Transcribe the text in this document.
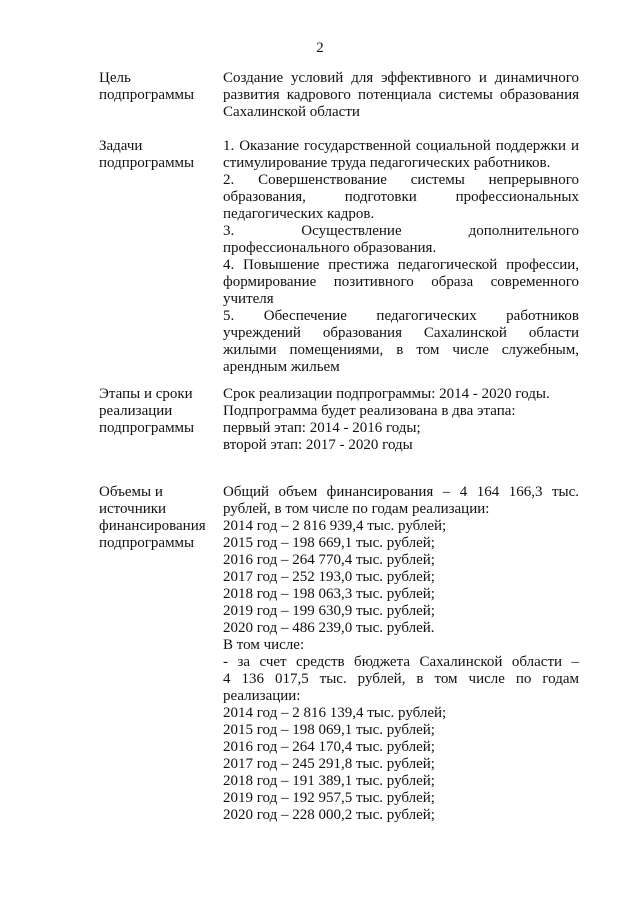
2
Цель
подпрограммы
Создание условий для эффективного и динамичного
развития кадрового потенциала системы образования
Сахалинской области
Задачи
подпрограммы
1. Оказание государственной социальной поддержки и
стимулирование труда педагогических работников.
2. Совершенствование системы непрерывного
образования, подготовки профессиональных
педагогических кадров.
3. Осуществление дополнительного
профессионального образования.
4. Повышение престижа педагогической профессии,
формирование позитивного образа современного
учителя
5. Обеспечение педагогических работников
учреждений образования Сахалинской области
жилыми помещениями, в том числе служебным,
арендным жильем
Этапы и сроки
реализации
подпрограммы
Срок реализации подпрограммы: 2014 - 2020 годы.
Подпрограмма будет реализована в два этапа:
первый этап: 2014 - 2016 годы;
второй этап: 2017 - 2020 годы
Объемы и
источники
финансирования
подпрограммы
Общий объем финансирования – 4 164 166,3 тыс.
рублей, в том числе по годам реализации:
2014 год – 2 816 939,4 тыс. рублей;
2015 год – 198 669,1 тыс. рублей;
2016 год – 264 770,4 тыс. рублей;
2017 год – 252 193,0 тыс. рублей;
2018 год – 198 063,3 тыс. рублей;
2019 год – 199 630,9 тыс. рублей;
2020 год – 486 239,0 тыс. рублей.
В том числе:
- за счет средств бюджета Сахалинской области –
4 136 017,5 тыс. рублей, в том числе по годам
реализации:
2014 год – 2 816 139,4 тыс. рублей;
2015 год – 198 069,1 тыс. рублей;
2016 год – 264 170,4 тыс. рублей;
2017 год – 245 291,8 тыс. рублей;
2018 год – 191 389,1 тыс. рублей;
2019 год – 192 957,5 тыс. рублей;
2020 год – 228 000,2 тыс. рублей;
